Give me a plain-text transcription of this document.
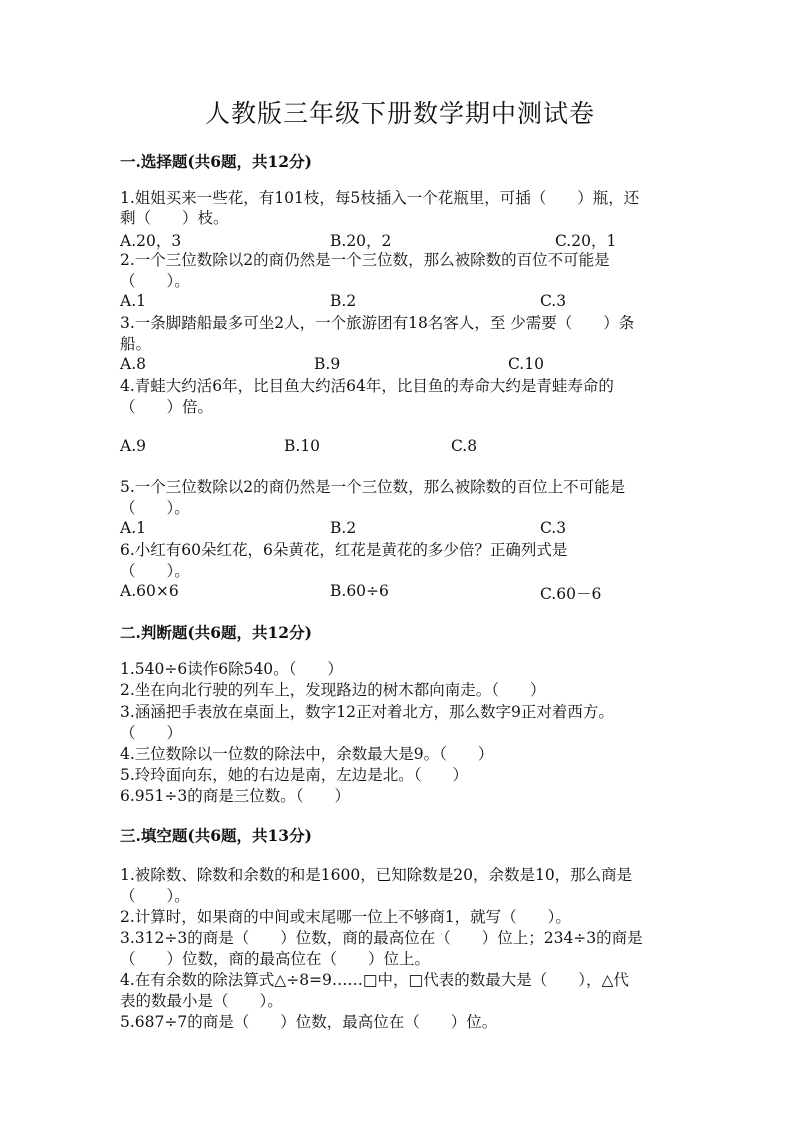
人教版三年级下册数学期中测试卷
一.选择题(共6题，共12分)
1.姐姐买来一些花，有101枝，每5枝插入一个花瓶里，可插（　　）瓶，还
剩（　　）枝。
A.20，3	B.20，2	C.20，1
2.一个三位数除以2的商仍然是一个三位数，那么被除数的百位不可能是
（　　）。
A.1	B.2	C.3
3.一条脚踏船最多可坐2人，一个旅游团有18名客人，至 少需要（　　）条
船。
A.8	B.9	C.10
4.青蛙大约活6年，比目鱼大约活64年，比目鱼的寿命大约是青蛙寿命的
（　　）倍。
A.9	B.10	C.8
5.一个三位数除以2的商仍然是一个三位数，那么被除数的百位上不可能是
（　　）。
A.1	B.2	C.3
6.小红有60朵红花，6朵黄花，红花是黄花的多少倍？正确列式是
（　　）。
A.60×6	B.60÷6	C.60－6
二.判断题(共6题，共12分)
1.540÷6读作6除540。（　　）
2.坐在向北行驶的列车上，发现路边的树木都向南走。（　　）
3.涵涵把手表放在桌面上，数字12正对着北方，那么数字9正对着西方。
（　　）
4.三位数除以一位数的除法中，余数最大是9。（　　）
5.玲玲面向东，她的右边是南，左边是北。（　　）
6.951÷3的商是三位数。（　　）
三.填空题(共6题，共13分)
1.被除数、除数和余数的和是1600，已知除数是20，余数是10，那么商是
（　　）。
2.计算时，如果商的中间或末尾哪一位上不够商1，就写（　　）。
3.312÷3的商是（　　）位数，商的最高位在（　　）位上；234÷3的商是
（　　）位数，商的最高位在（　　）位上。
4.在有余数的除法算式△÷8=9……□中，□代表的数最大是（　　），△代
表的数最小是（　　）。
5.687÷7的商是（　　）位数，最高位在（　　）位。
